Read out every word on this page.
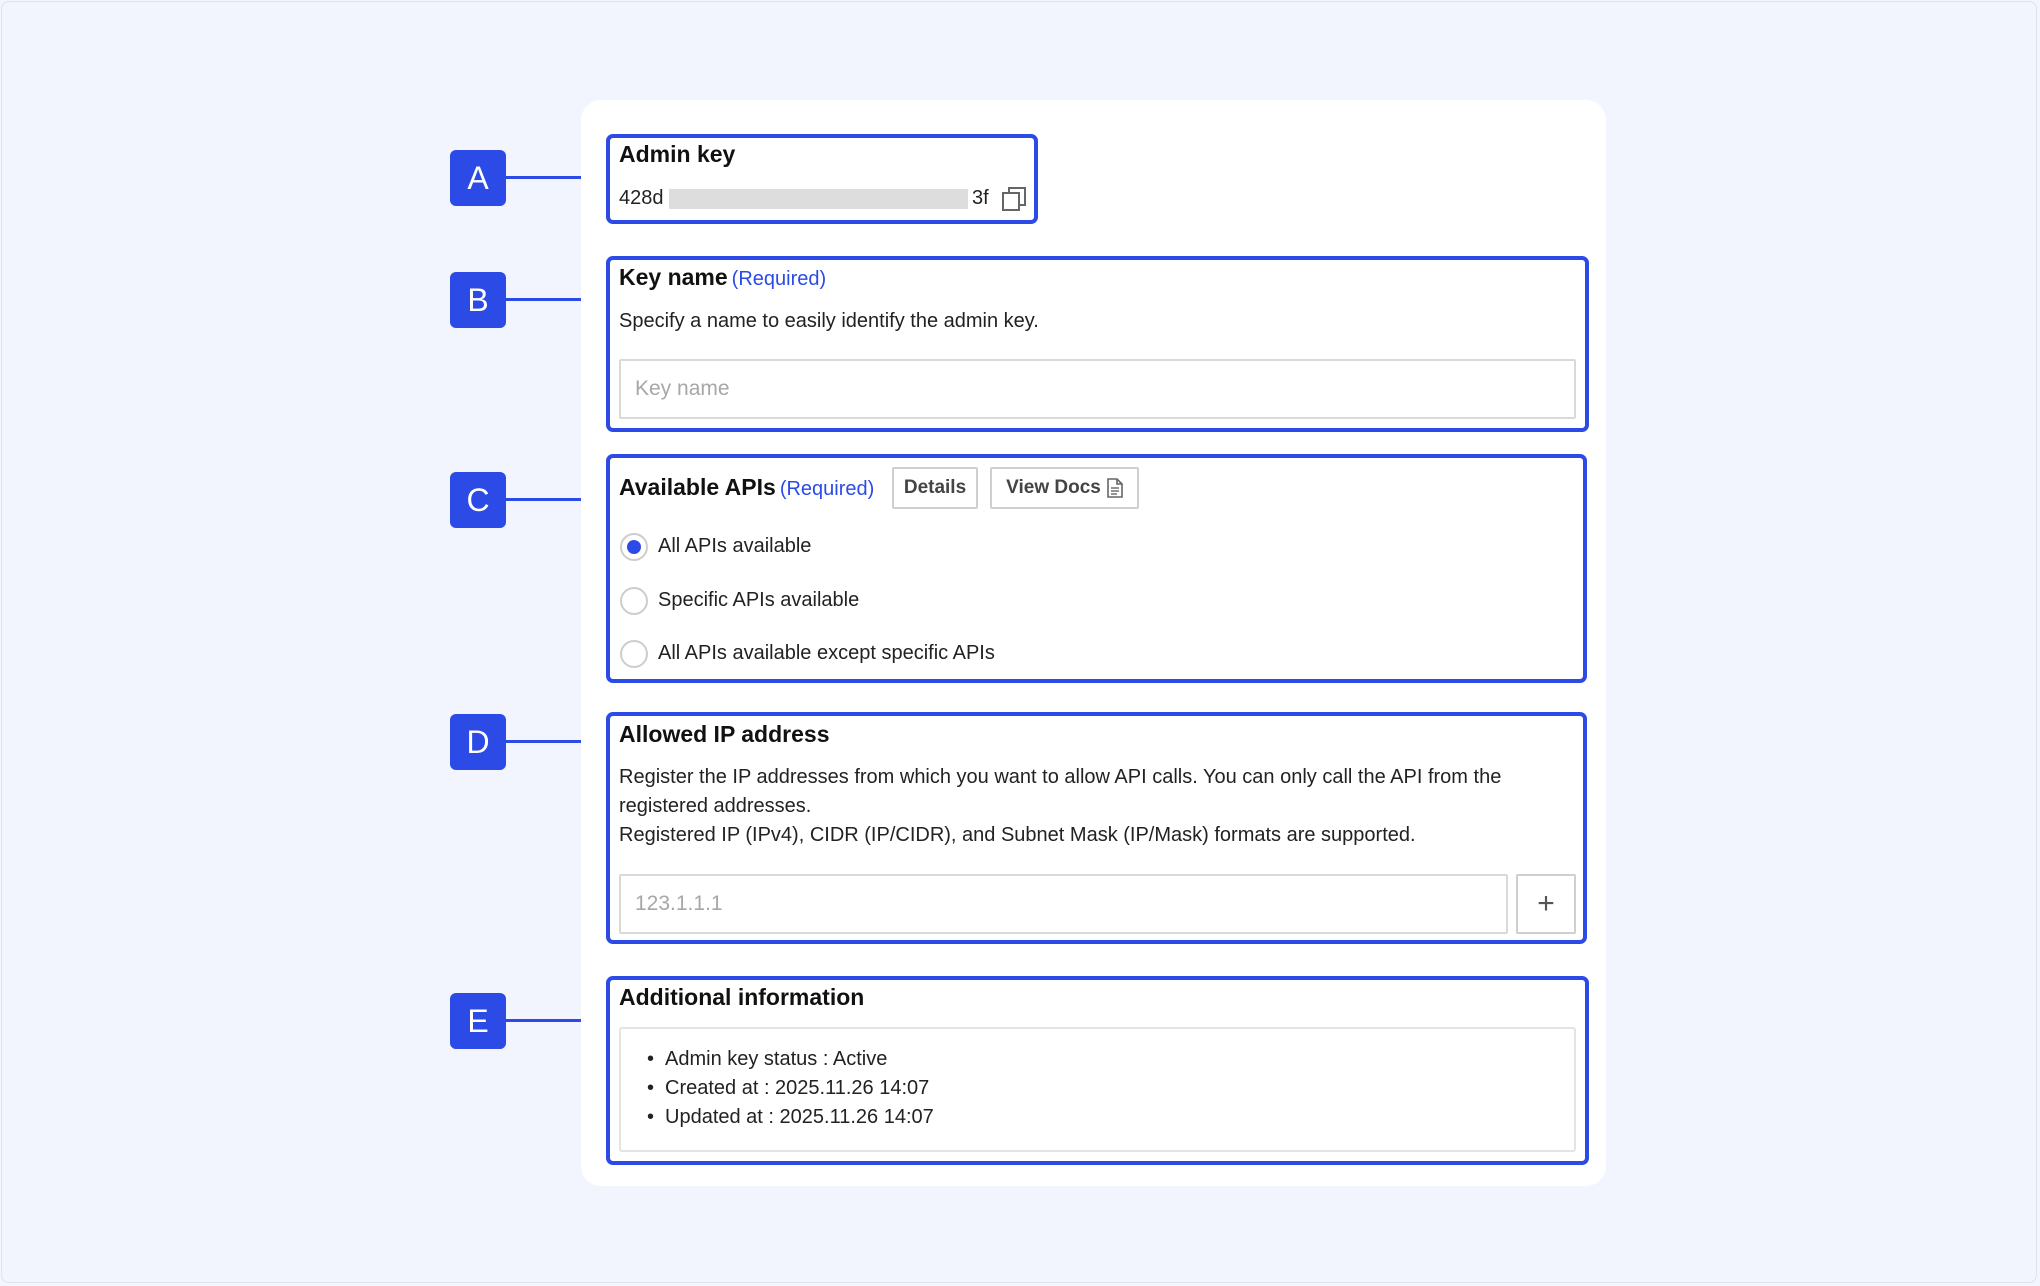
A
B
C
D
E
Admin key
428d	3f
Key name (Required)
Specify a name to easily identify the admin key.
Key name
Available APIs (Required)	Details	View Docs
All APIs available
Specific APIs available
All APIs available except specific APIs
Allowed IP address
Register the IP addresses from which you want to allow API calls. You can only call the API from the
registered addresses.
Registered IP (IPv4), CIDR (IP/CIDR), and Subnet Mask (IP/Mask) formats are supported.
123.1.1.1	+
Additional information
• Admin key status : Active
• Created at : 2025.11.26 14:07
• Updated at : 2025.11.26 14:07
